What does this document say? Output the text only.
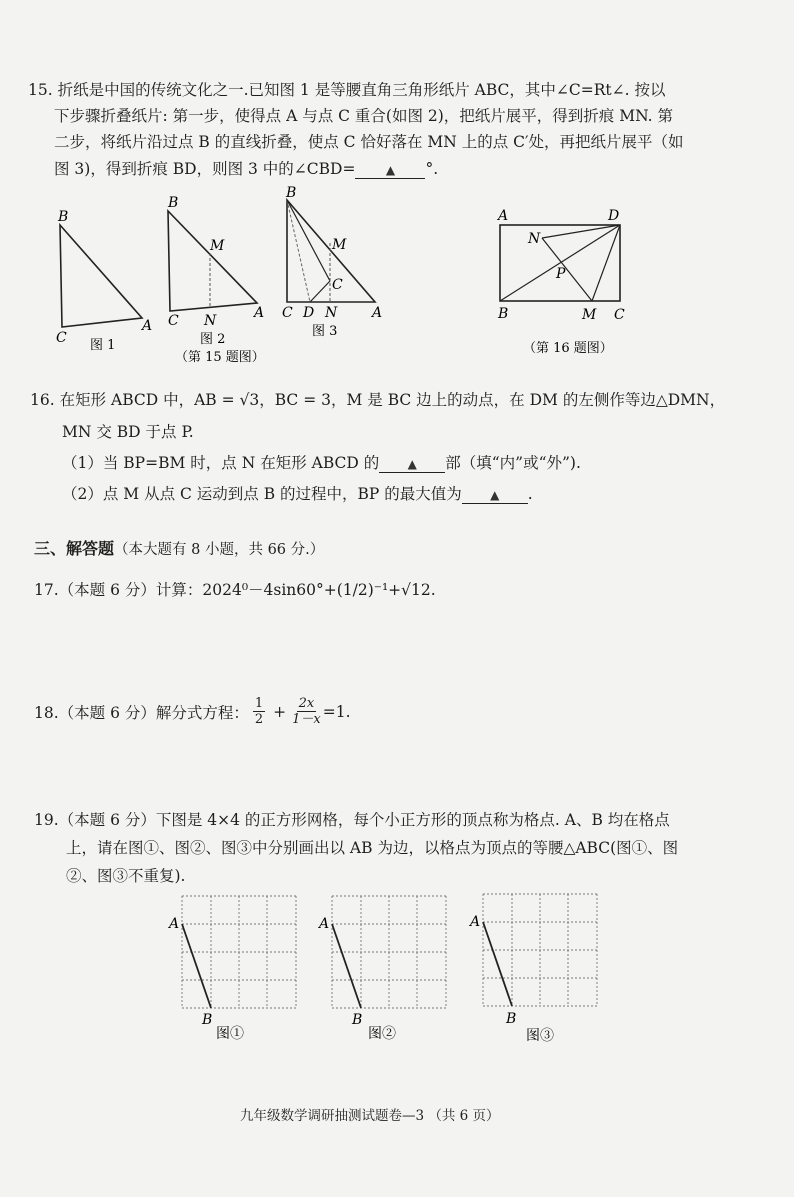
15. 折纸是中国的传统文化之一.已知图 1 是等腰直角三角形纸片 ABC，其中∠C=Rt∠. 按以
下步骤折叠纸片: 第一步，使得点 A 与点 C 重合(如图 2)，把纸片展平，得到折痕 MN. 第
二步，将纸片沿过点 B 的直线折叠，使点 C 恰好落在 MN 上的点 C′处，再把纸片展平（如
图 3)，得到折痕 BD，则图 3 中的∠CBD=	▲ °.
B
C
A
图 1
B
M
C N	A
图 2
B
M
C
C D N A
图 3
（第 15 题图）
A	D
N
P
B	M C
（第 16 题图）
16. 在矩形 ABCD 中，AB = √3，BC = 3，M 是 BC 边上的动点，在 DM 的左侧作等边△DMN，
MN 交 BD 于点 P.
（1）当 BP=BM 时，点 N 在矩形 ABCD 的 ▲ 部（填“内”或“外”).
（2）点 M 从点 C 运动到点 B 的过程中，BP 的最大值为 ▲ .
三、解答题（本大题有 8 小题，共 66 分.）
17.（本题 6 分）计算：2024⁰－4sin60°+(1/2)⁻¹+√12.
18.（本题 6 分）解分式方程： $\frac{1}{2} + \frac{2x}{1-x} =1$.
19.（本题 6 分）下图是 4×4 的正方形网格，每个小正方形的顶点称为格点. A、B 均在格点
上，请在图①、图②、图③中分别画出以 AB 为边，以格点为顶点的等腰△ABC(图①、图
②、图③不重复).
A
B
图①
A
B
图②
A
B
图③
九年级数学调研抽测试题卷—3 （共 6 页）
